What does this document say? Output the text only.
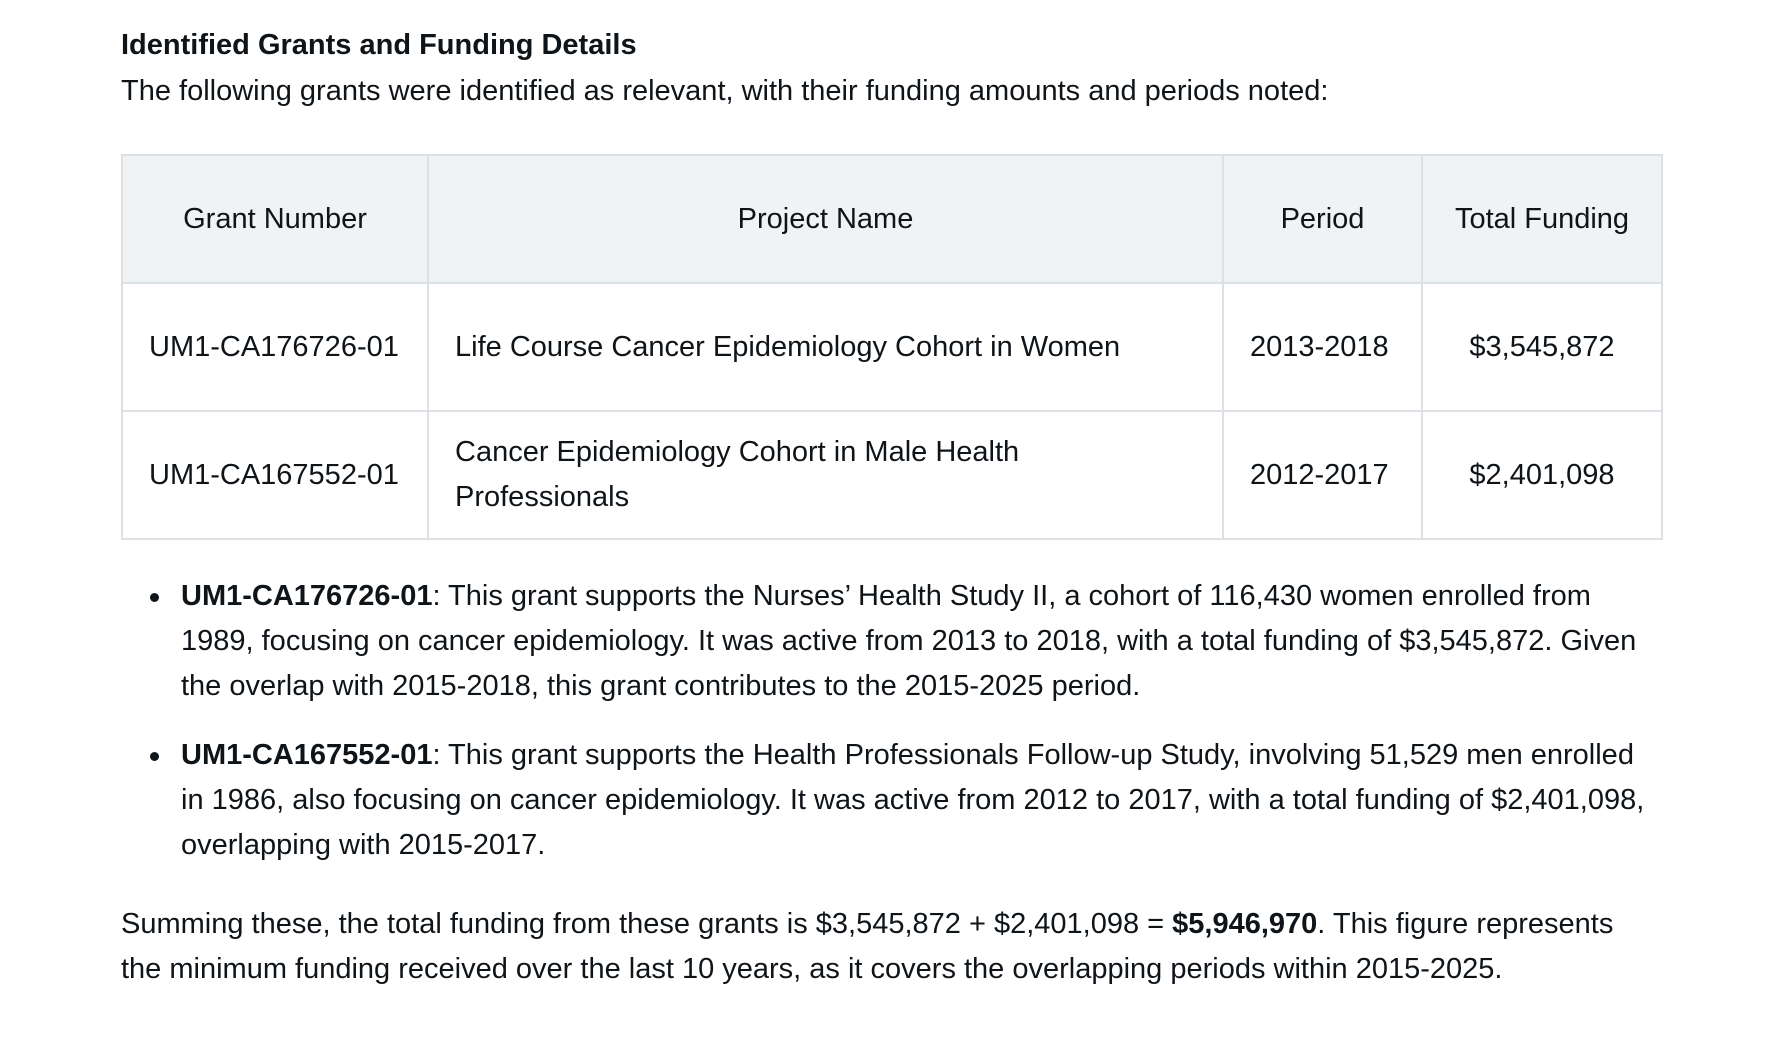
Identified Grants and Funding Details

The following grants were identified as relevant, with their funding amounts and periods noted:

Grant Number	Project Name	Period	Total Funding
UM1-CA176726-01	Life Course Cancer Epidemiology Cohort in Women	2013-2018	$3,545,872
UM1-CA167552-01	Cancer Epidemiology Cohort in Male Health Professionals	2012-2017	$2,401,098
UM1-CA176726-01: This grant supports the Nurses’ Health Study II, a cohort of 116,430 women enrolled from 1989, focusing on cancer epidemiology. It was active from 2013 to 2018, with a total funding of $3,545,872. Given the overlap with 2015-2018, this grant contributes to the 2015-2025 period.
UM1-CA167552-01: This grant supports the Health Professionals Follow-up Study, involving 51,529 men enrolled in 1986, also focusing on cancer epidemiology. It was active from 2012 to 2017, with a total funding of $2,401,098, overlapping with 2015-2017.

Summing these, the total funding from these grants is $3,545,872 + $2,401,098 = $5,946,970. This figure represents the minimum funding received over the last 10 years, as it covers the overlapping periods within 2015-2025.
